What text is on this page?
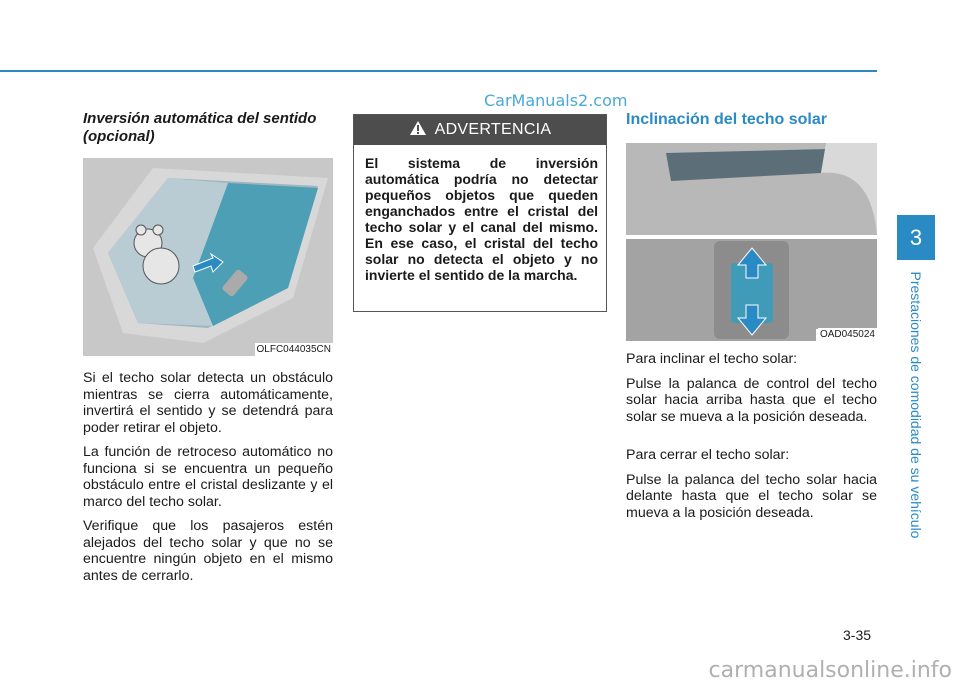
CarManuals2.com
Inversión automática del sentido (opcional)
OLFC044035CN

Si el techo solar detecta un obstáculo mientras se cierra automáticamente, invertirá el sentido y se detendrá para poder retirar el objeto.

La función de retroceso automático no funciona si se encuentra un pequeño obstáculo entre el cristal deslizante y el marco del techo solar.

Verifique que los pasajeros estén alejados del techo solar y que no se encuentre ningún objeto en el mismo antes de cerrarlo.

ADVERTENCIA
El sistema de inversión automática podría no detectar pequeños objetos que queden enganchados entre el cristal del techo solar y el canal del mismo. En ese caso, el cristal del techo solar no detecta el objeto y no invierte el sentido de la marcha.
Inclinación del techo solar
OAD045024

Para inclinar el techo solar:

Pulse la palanca de control del techo solar hacia arriba hasta que el techo solar se mueva a la posición deseada.

Para cerrar el techo solar:

Pulse la palanca del techo solar hacia delante hasta que el techo solar se mueva a la posición deseada.

3
Prestaciones de comodidad de su vehículo
3-35
carmanualsonline.info
